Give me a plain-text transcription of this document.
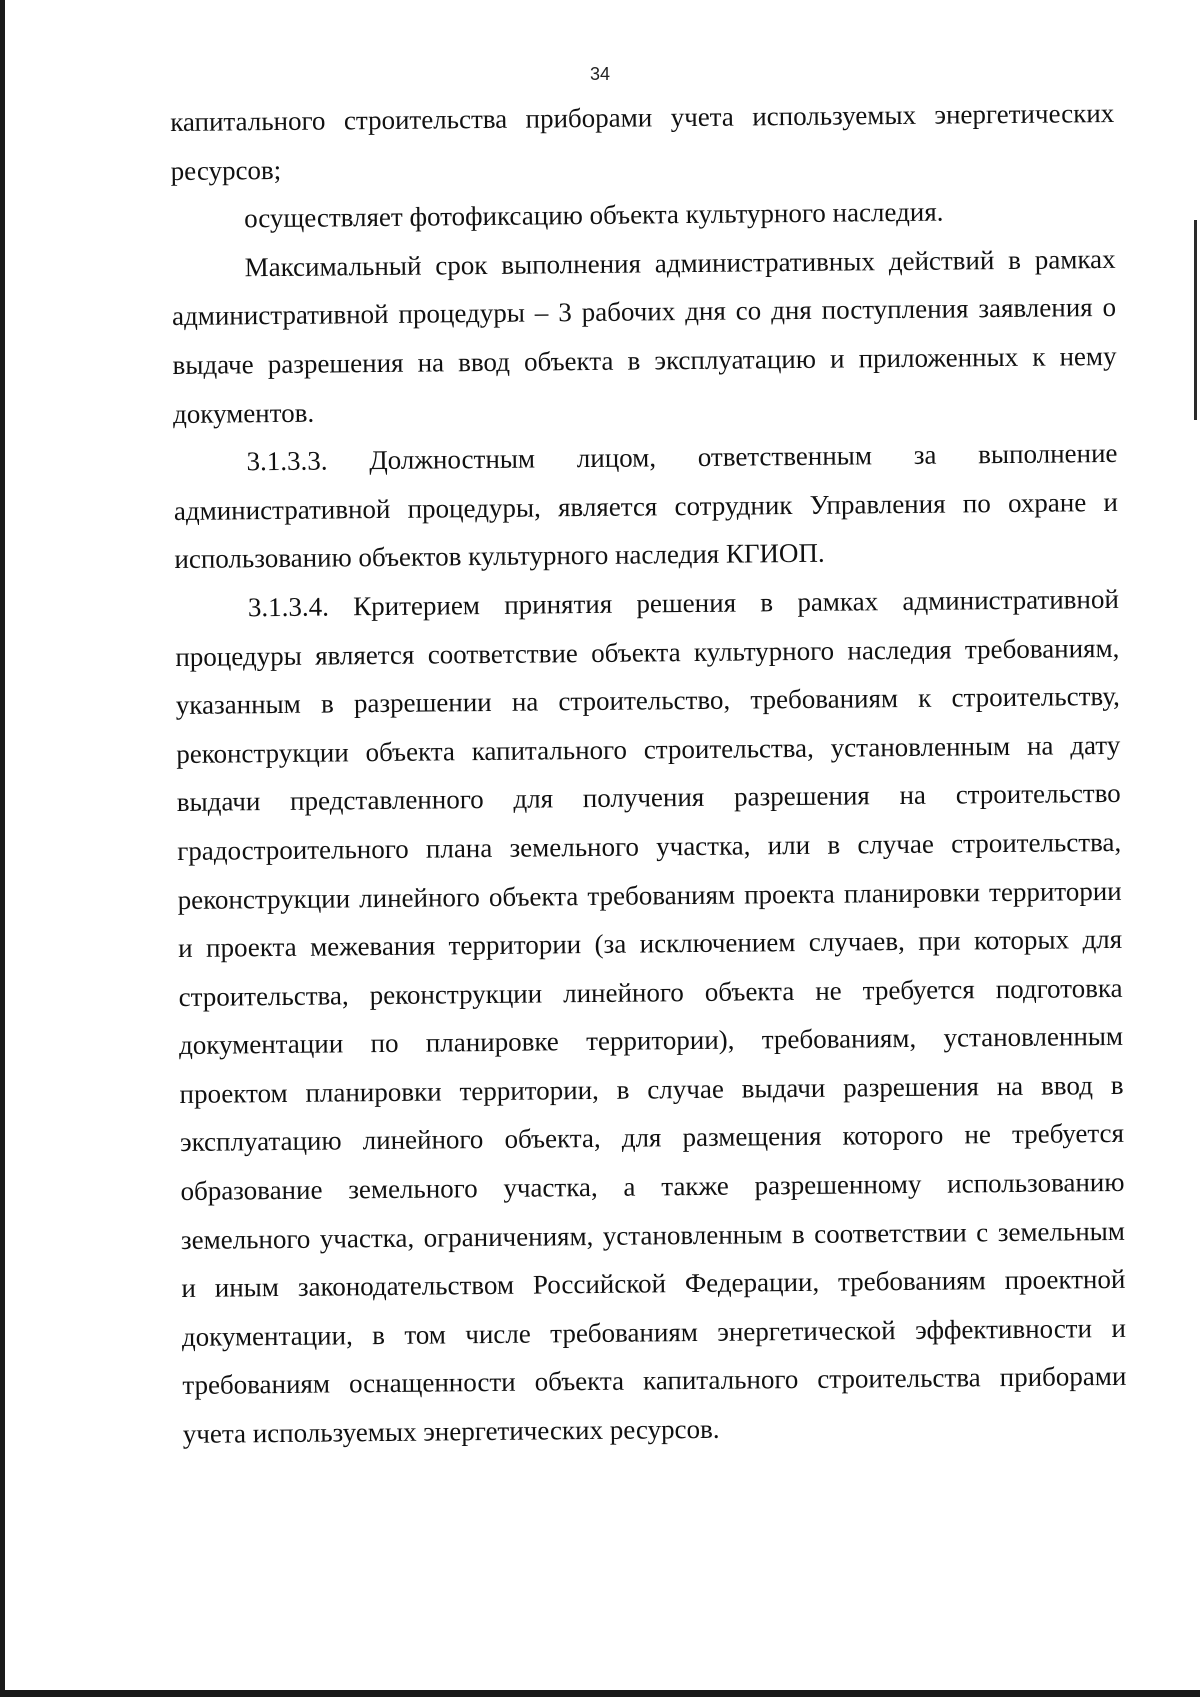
34

капитального строительства приборами учета используемых энергетических ресурсов;

осуществляет фотофиксацию объекта культурного наследия.

Максимальный срок выполнения административных действий в рамках административной процедуры – 3 рабочих дня со дня поступления заявления о выдаче разрешения на ввод объекта в эксплуатацию и приложенных к нему документов.

3.1.3.3. Должностным лицом, ответственным за выполнение административной процедуры, является сотрудник Управления по охране и использованию объектов культурного наследия КГИОП.

3.1.3.4. Критерием принятия решения в рамках административной процедуры является соответствие объекта культурного наследия требованиям, указанным в разрешении на строительство, требованиям к строительству, реконструкции объекта капитального строительства, установленным на дату выдачи представленного для получения разрешения на строительство градостроительного плана земельного участка, или в случае строительства, реконструкции линейного объекта требованиям проекта планировки территории и проекта межевания территории (за исключением случаев, при которых для строительства, реконструкции линейного объекта не требуется подготовка документации по планировке территории), требованиям, установленным проектом планировки территории, в случае выдачи разрешения на ввод в эксплуатацию линейного объекта, для размещения которого не требуется образование земельного участка, а также разрешенному использованию земельного участка, ограничениям, установленным в соответствии с земельным и иным законодательством Российской Федерации, требованиям проектной документации, в том числе требованиям энергетической эффективности и требованиям оснащенности объекта капитального строительства приборами учета используемых энергетических ресурсов.
